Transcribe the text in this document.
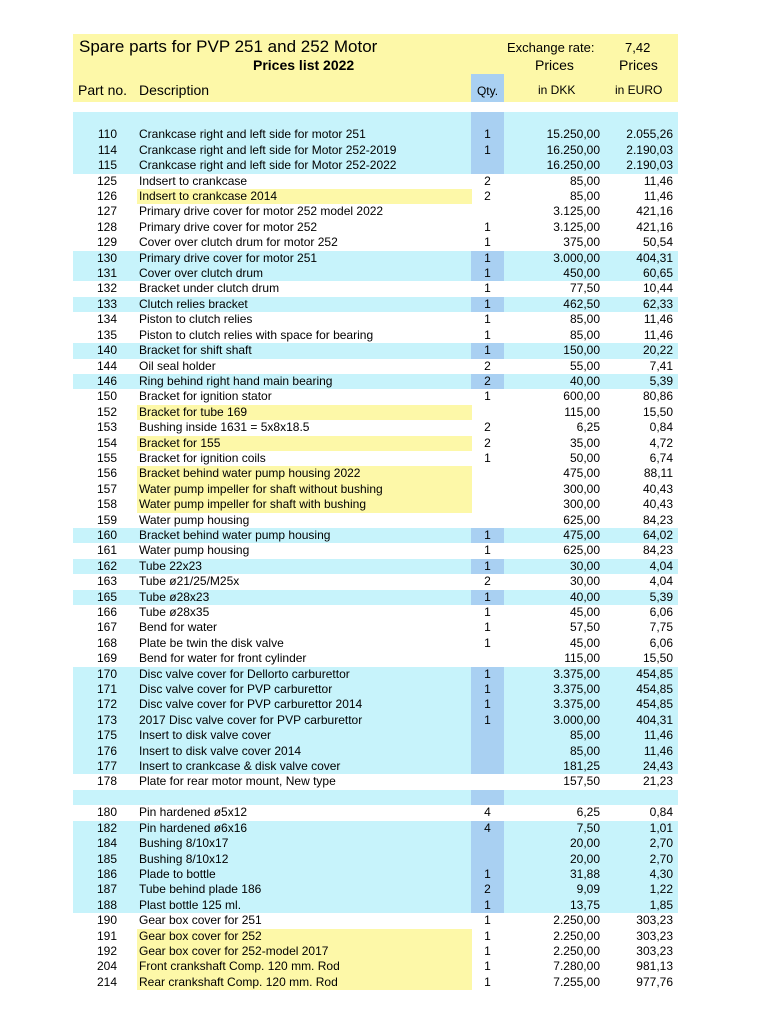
Spare parts for PVP 251 and 252 Motor
Prices list 2022
Exchange rate: 7,42
Prices	Prices
Part no. Description	Qty.	in DKK	in EURO
110 Crankcase right and left side for motor 251	1	15.250,00	2.055,26
114 Crankcase right and left side for Motor 252-2019	1	16.250,00	2.190,03
115 Crankcase right and left side for Motor 252-2022	16.250,00	2.190,03
125 Indsert to crankcase	2	85,00	11,46
126 Indsert to crankcase 2014	2	85,00	11,46
127 Primary drive cover for motor 252 model 2022	3.125,00	421,16
128 Primary drive cover for motor 252	1	3.125,00	421,16
129 Cover over clutch drum for motor 252	1	375,00	50,54
130 Primary drive cover for motor 251	1	3.000,00	404,31
131 Cover over clutch drum	1	450,00	60,65
132 Bracket under clutch drum	1	77,50	10,44
133 Clutch relies bracket	1	462,50	62,33
134 Piston to clutch relies	1	85,00	11,46
135 Piston to clutch relies with space for bearing	1	85,00	11,46
140 Bracket for shift shaft	1	150,00	20,22
144 Oil seal holder	2	55,00	7,41
146 Ring behind right hand main bearing	2	40,00	5,39
150 Bracket for ignition stator	1	600,00	80,86
152 Bracket for tube 169	115,00	15,50
153 Bushing inside 1631 = 5x8x18.5	2	6,25	0,84
154 Bracket for 155	2	35,00	4,72
155 Bracket for ignition coils	1	50,00	6,74
156 Bracket behind water pump housing 2022	475,00	88,11
157 Water pump impeller for shaft without bushing	300,00	40,43
158 Water pump impeller for shaft with bushing	300,00	40,43
159 Water pump housing	625,00	84,23
160 Bracket behind water pump housing	1	475,00	64,02
161 Water pump housing	1	625,00	84,23
162 Tube 22x23	1	30,00	4,04
163 Tube ø21/25/M25x	2	30,00	4,04
165 Tube ø28x23	1	40,00	5,39
166 Tube ø28x35	1	45,00	6,06
167 Bend for water	1	57,50	7,75
168 Plate be twin the disk valve	1	45,00	6,06
169 Bend for water for front cylinder	115,00	15,50
170 Disc valve cover for Dellorto carburettor	1	3.375,00	454,85
171 Disc valve cover for PVP carburettor	1	3.375,00	454,85
172 Disc valve cover for PVP carburettor 2014	1	3.375,00	454,85
173 2017 Disc valve cover for PVP carburettor	1	3.000,00	404,31
175 Insert to disk valve cover	85,00	11,46
176 Insert to disk valve cover 2014	85,00	11,46
177 Insert to crankcase & disk valve cover	181,25	24,43
178 Plate for rear motor mount, New type	157,50	21,23
180 Pin hardened ø5x12	4	6,25	0,84
182 Pin hardened ø6x16	4	7,50	1,01
184 Bushing 8/10x17	20,00	2,70
185 Bushing 8/10x12	20,00	2,70
186 Plade to bottle	1	31,88	4,30
187 Tube behind plade 186	2	9,09	1,22
188 Plast bottle 125 ml.	1	13,75	1,85
190 Gear box cover for 251	1	2.250,00	303,23
191 Gear box cover for 252	1	2.250,00	303,23
192 Gear box cover for 252-model 2017	1	2.250,00	303,23
204 Front crankshaft Comp. 120 mm. Rod	1	7.280,00	981,13
214 Rear crankshaft Comp. 120 mm. Rod	1	7.255,00	977,76
